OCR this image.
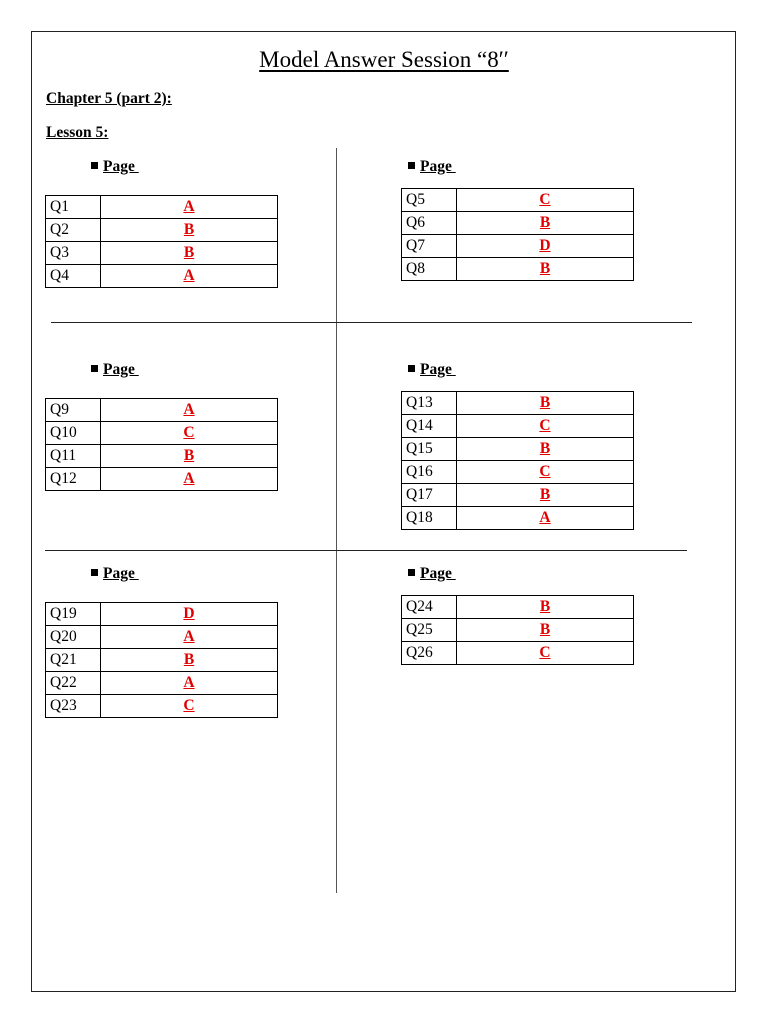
Model Answer Session “8′′
Chapter 5 (part 2):
Lesson 5:
Page
Q1	A
Q2	B
Q3	B
Q4	A
Page
Q5	C
Q6	B
Q7	D
Q8	B
Page
Q9	A
Q10	C
Q11	B
Q12	A
Page
Q13	B
Q14	C
Q15	B
Q16	C
Q17	B
Q18	A
Page
Q19	D
Q20	A
Q21	B
Q22	A
Q23	C
Page
Q24	B
Q25	B
Q26	C
